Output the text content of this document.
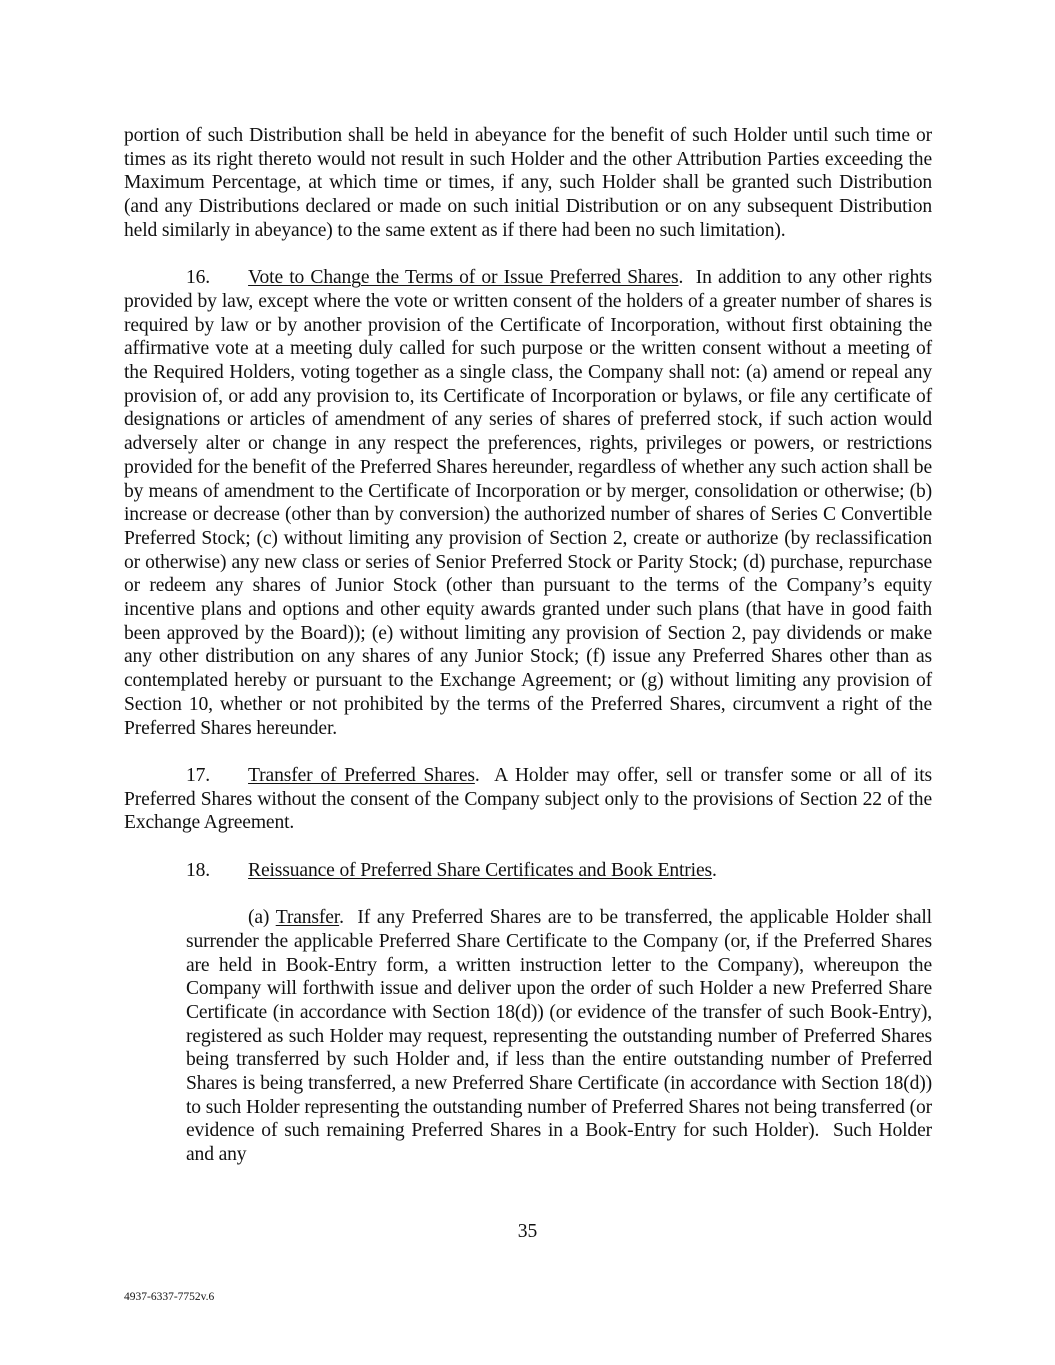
portion of such Distribution shall be held in abeyance for the benefit of such Holder until such time or times as its right thereto would not result in such Holder and the other Attribution Parties exceeding the Maximum Percentage, at which time or times, if any, such Holder shall be granted such Distribution (and any Distributions declared or made on such initial Distribution or on any subsequent Distribution held similarly in abeyance) to the same extent as if there had been no such limitation).

16. Vote to Change the Terms of or Issue Preferred Shares.  In addition to any other rights provided by law, except where the vote or written consent of the holders of a greater number of shares is required by law or by another provision of the Certificate of Incorporation, without first obtaining the affirmative vote at a meeting duly called for such purpose or the written consent without a meeting of the Required Holders, voting together as a single class, the Company shall not: (a) amend or repeal any provision of, or add any provision to, its Certificate of Incorporation or bylaws, or file any certificate of designations or articles of amendment of any series of shares of preferred stock, if such action would adversely alter or change in any respect the preferences, rights, privileges or powers, or restrictions provided for the benefit of the Preferred Shares hereunder, regardless of whether any such action shall be by means of amendment to the Certificate of Incorporation or by merger, consolidation or otherwise; (b) increase or decrease (other than by conversion) the authorized number of shares of Series C Convertible Preferred Stock; (c) without limiting any provision of Section 2, create or authorize (by reclassification or otherwise) any new class or series of Senior Preferred Stock or Parity Stock; (d) purchase, repurchase or redeem any shares of Junior Stock (other than pursuant to the terms of the Company’s equity incentive plans and options and other equity awards granted under such plans (that have in good faith been approved by the Board)); (e) without limiting any provision of Section 2, pay dividends or make any other distribution on any shares of any Junior Stock; (f) issue any Preferred Shares other than as contemplated hereby or pursuant to the Exchange Agreement; or (g) without limiting any provision of Section 10, whether or not prohibited by the terms of the Preferred Shares, circumvent a right of the Preferred Shares hereunder.

17. Transfer of Preferred Shares.  A Holder may offer, sell or transfer some or all of its Preferred Shares without the consent of the Company subject only to the provisions of Section 22 of the Exchange Agreement.

18. Reissuance of Preferred Share Certificates and Book Entries.

(a) Transfer.  If any Preferred Shares are to be transferred, the applicable Holder shall surrender the applicable Preferred Share Certificate to the Company (or, if the Preferred Shares are held in Book-Entry form, a written instruction letter to the Company), whereupon the Company will forthwith issue and deliver upon the order of such Holder a new Preferred Share Certificate (in accordance with Section 18(d)) (or evidence of the transfer of such Book-Entry), registered as such Holder may request, representing the outstanding number of Preferred Shares being transferred by such Holder and, if less than the entire outstanding number of Preferred Shares is being transferred, a new Preferred Share Certificate (in accordance with Section 18(d)) to such Holder representing the outstanding number of Preferred Shares not being transferred (or evidence of such remaining Preferred Shares in a Book-Entry for such Holder).  Such Holder and any

35
4937-6337-7752v.6
